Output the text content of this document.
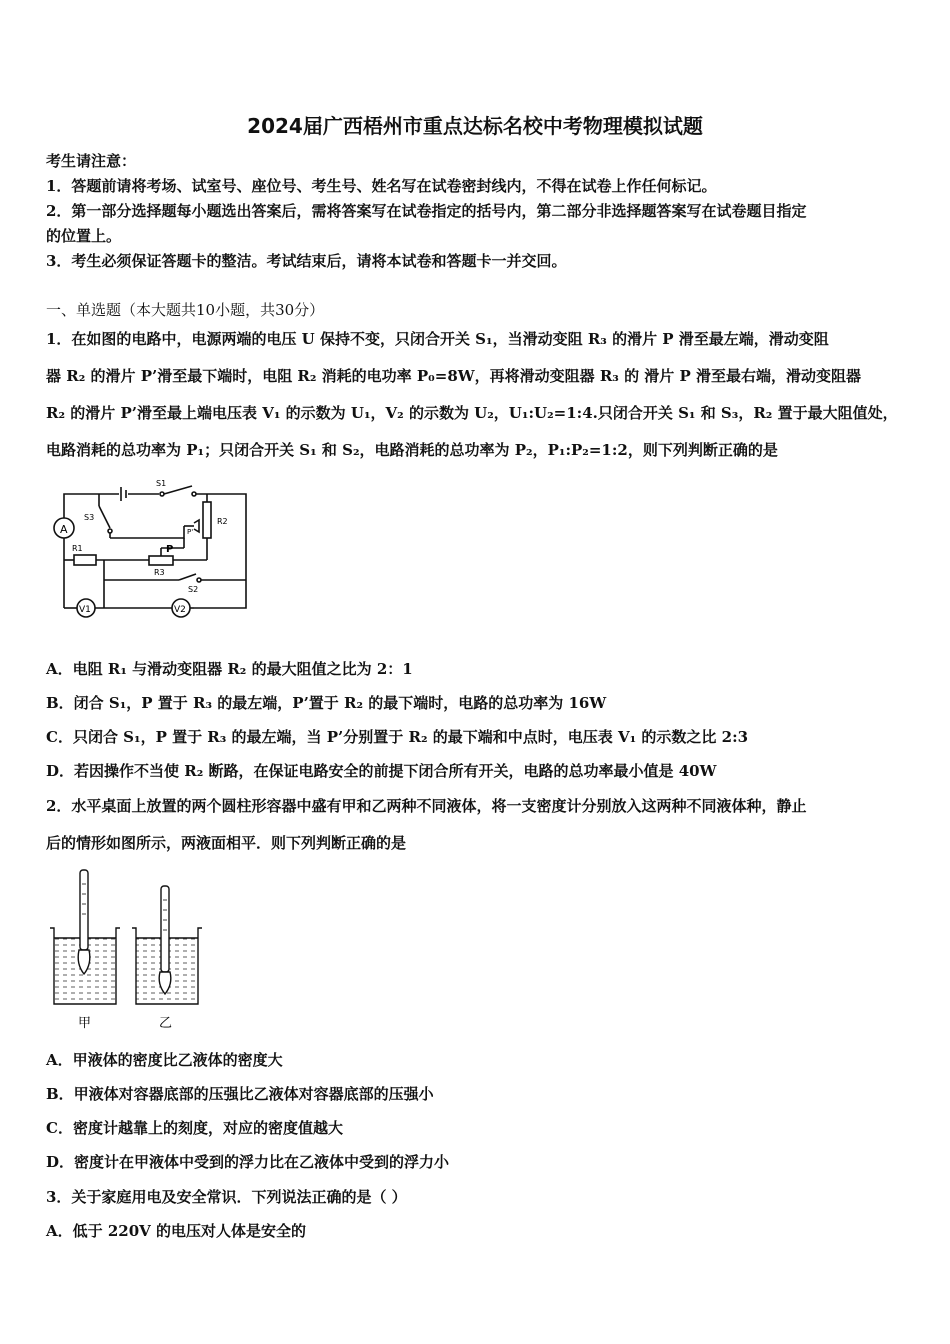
2024届广西梧州市重点达标名校中考物理模拟试题
考生请注意：
1．答题前请将考场、试室号、座位号、考生号、姓名写在试卷密封线内，不得在试卷上作任何标记。
2．第一部分选择题每小题选出答案后，需将答案写在试卷指定的括号内，第二部分非选择题答案写在试卷题目指定
的位置上。
3．考生必须保证答题卡的整洁。考试结束后，请将本试卷和答题卡一并交回。
一、单选题（本大题共10小题，共30分）
1．在如图的电路中，电源两端的电压 U 保持不变，只闭合开关 S₁，当滑动变阻 R₃ 的滑片 P 滑至最左端，滑动变阻
器 R₂ 的滑片 P’滑至最下端时，电阻 R₂ 消耗的电功率 P₀=8W，再将滑动变阻器 R₃ 的 滑片 P 滑至最右端，滑动变阻器
R₂ 的滑片 P’滑至最上端电压表 V₁ 的示数为 U₁，V₂ 的示数为 U₂，U₁:U₂=1:4.只闭合开关 S₁ 和 S₃，R₂ 置于最大阻值处，
电路消耗的总功率为 P₁；只闭合开关 S₁ 和 S₂，电路消耗的总功率为 P₂，P₁:P₂=1:2，则下列判断正确的是
A
S1
S3	R2
R1
R3
P
P'
S2
V1	V2
A．电阻 R₁ 与滑动变阻器 R₂ 的最大阻值之比为 2：1
B．闭合 S₁，P 置于 R₃ 的最左端，P’置于 R₂ 的最下端时，电路的总功率为 16W
C．只闭合 S₁，P 置于 R₃ 的最左端，当 P’分别置于 R₂ 的最下端和中点时，电压表 V₁ 的示数之比 2:3
D．若因操作不当使 R₂ 断路，在保证电路安全的前提下闭合所有开关，电路的总功率最小值是 40W
2．水平桌面上放置的两个圆柱形容器中盛有甲和乙两种不同液体，将一支密度计分别放入这两种不同液体种，静止
后的情形如图所示，两液面相平．则下列判断正确的是
甲	乙
A．甲液体的密度比乙液体的密度大
B．甲液体对容器底部的压强比乙液体对容器底部的压强小
C．密度计越靠上的刻度，对应的密度值越大
D．密度计在甲液体中受到的浮力比在乙液体中受到的浮力小
3．关于家庭用电及安全常识．下列说法正确的是（ ）
A．低于 220V 的电压对人体是安全的
